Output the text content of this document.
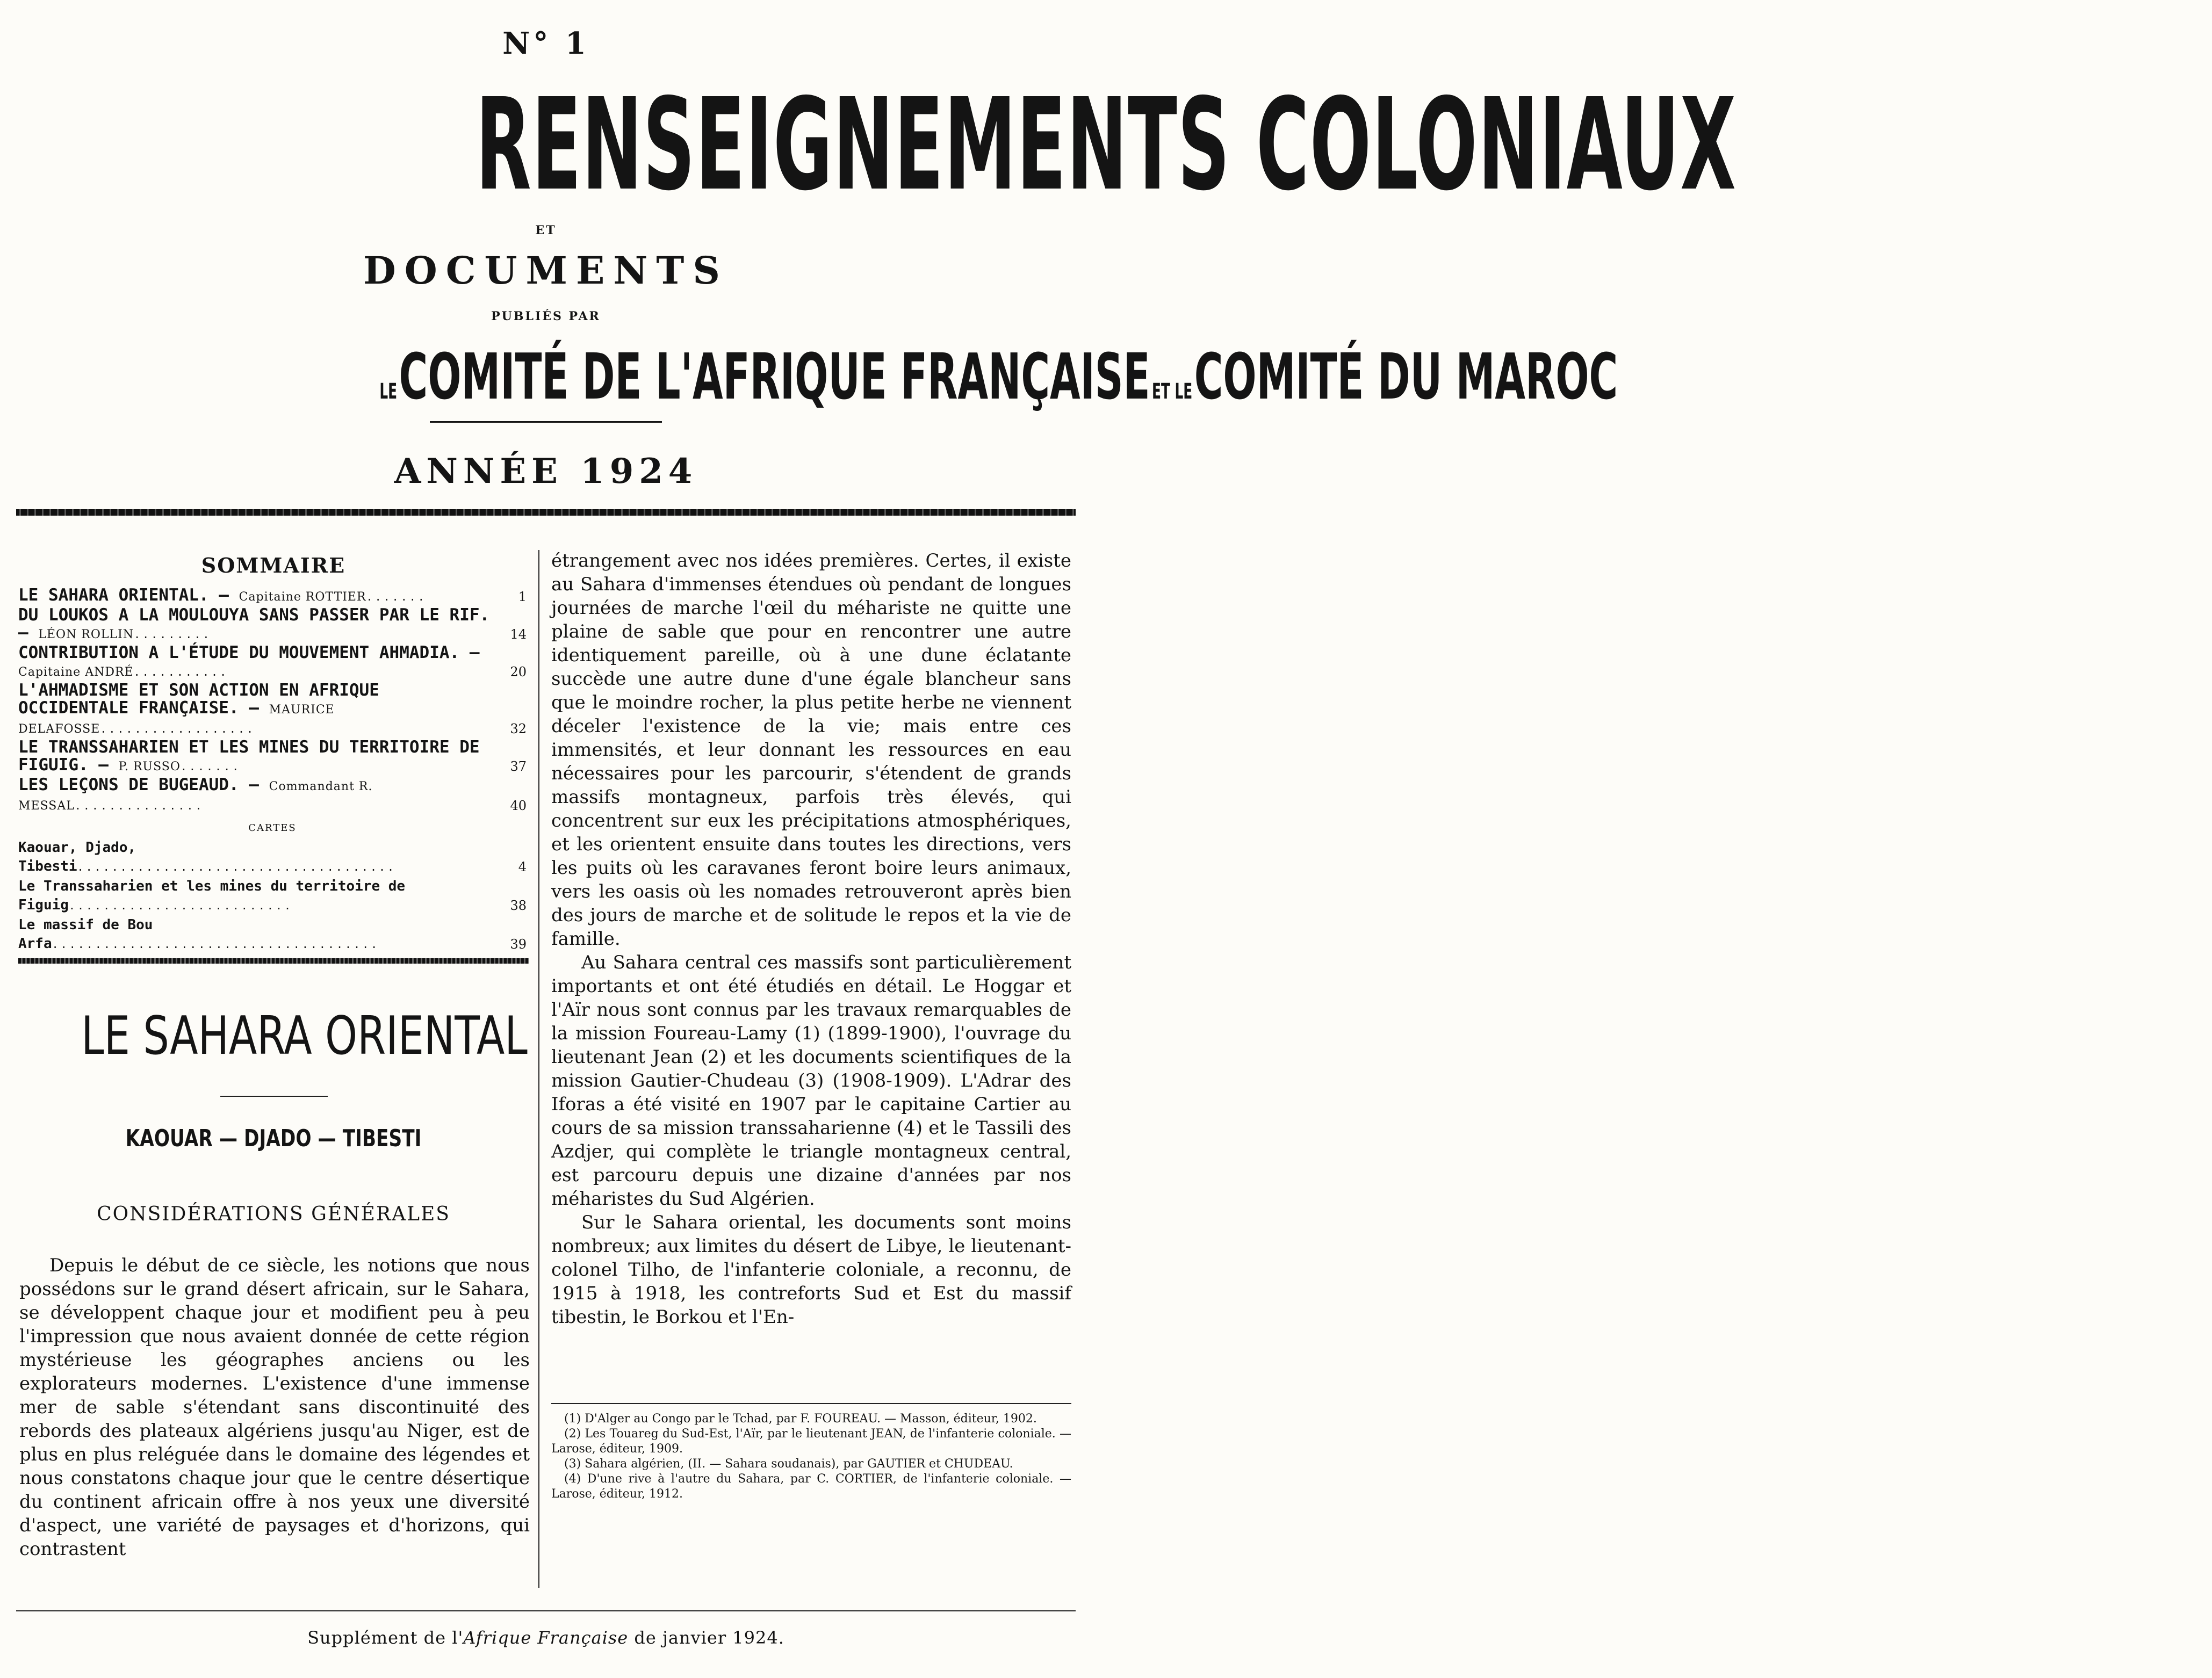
N° 1
RENSEIGNEMENTS COLONIAUX
ET
DOCUMENTS
PUBLIÉS PAR
LE COMITÉ DE L'AFRIQUE FRANÇAISE ET LE COMITÉ DU MAROC
ANNÉE 1924
SOMMAIRE
LE SAHARA ORIENTAL. — Capitaine ROTTIER.......	1
DU LOUKOS A LA MOULOUYA SANS PASSER PAR LE RIF. — LÉON ROLLIN.........	14
CONTRIBUTION A L'ÉTUDE DU MOUVEMENT AHMADIA. — Capitaine ANDRÉ...........	20
L'AHMADISME ET SON ACTION EN AFRIQUE OCCIDENTALE FRANÇAISE. — MAURICE DELAFOSSE..................	32
LE TRANSSAHARIEN ET LES MINES DU TERRITOIRE DE FIGUIG. — P. RUSSO.......	37
LES LEÇONS DE BUGEAUD. — Commandant R. MESSAL...............	40
CARTES
Kaouar, Djado, Tibesti.....................................	4
Le Transsaharien et les mines du territoire de Figuig..........................	38
Le massif de Bou Arfa......................................	39
LE SAHARA ORIENTAL
KAOUAR — DJADO — TIBESTI
CONSIDÉRATIONS GÉNÉRALES

Depuis le début de ce siècle, les notions que nous possédons sur le grand désert africain, sur le Sahara, se développent chaque jour et modifient peu à peu l'impression que nous avaient donnée de cette région mystérieuse les géographes anciens ou les explorateurs modernes. L'existence d'une immense mer de sable s'étendant sans discontinuité des rebords des plateaux algériens jusqu'au Niger, est de plus en plus reléguée dans le domaine des légendes et nous constatons chaque jour que le centre désertique du continent africain offre à nos yeux une diversité d'aspect, une variété de paysages et d'horizons, qui contrastent

étrangement avec nos idées premières. Certes, il existe au Sahara d'immenses étendues où pendant de longues journées de marche l'œil du méhariste ne quitte une plaine de sable que pour en rencontrer une autre identiquement pareille, où à une dune éclatante succède une autre dune d'une égale blancheur sans que le moindre rocher, la plus petite herbe ne viennent déceler l'existence de la vie; mais entre ces immensités, et leur donnant les ressources en eau nécessaires pour les parcourir, s'étendent de grands massifs montagneux, parfois très élevés, qui concentrent sur eux les précipitations atmosphériques, et les orientent ensuite dans toutes les directions, vers les puits où les caravanes feront boire leurs animaux, vers les oasis où les nomades retrouveront après bien des jours de marche et de solitude le repos et la vie de famille.

Au Sahara central ces massifs sont particulièrement importants et ont été étudiés en détail. Le Hoggar et l'Aïr nous sont connus par les travaux remarquables de la mission Foureau-Lamy (1) (1899-1900), l'ouvrage du lieutenant Jean (2) et les documents scientifiques de la mission Gautier-Chudeau (3) (1908-1909). L'Adrar des Iforas a été visité en 1907 par le capitaine Cartier au cours de sa mission transsaharienne (4) et le Tassili des Azdjer, qui complète le triangle montagneux central, est parcouru depuis une dizaine d'années par nos méharistes du Sud Algérien.

Sur le Sahara oriental, les documents sont moins nombreux; aux limites du désert de Libye, le lieutenant-colonel Tilho, de l'infanterie coloniale, a reconnu, de 1915 à 1918, les contreforts Sud et Est du massif tibestin, le Borkou et l'En-

(1) D'Alger au Congo par le Tchad, par F. FOUREAU. — Masson, éditeur, 1902.
(2) Les Touareg du Sud-Est, l'Aïr, par le lieutenant JEAN, de l'infanterie coloniale. — Larose, éditeur, 1909.
(3) Sahara algérien, (II. — Sahara soudanais), par GAUTIER et CHUDEAU.
(4) D'une rive à l'autre du Sahara, par C. CORTIER, de l'infanterie coloniale. — Larose, éditeur, 1912.
Supplément de l'Afrique Française de janvier 1924.
